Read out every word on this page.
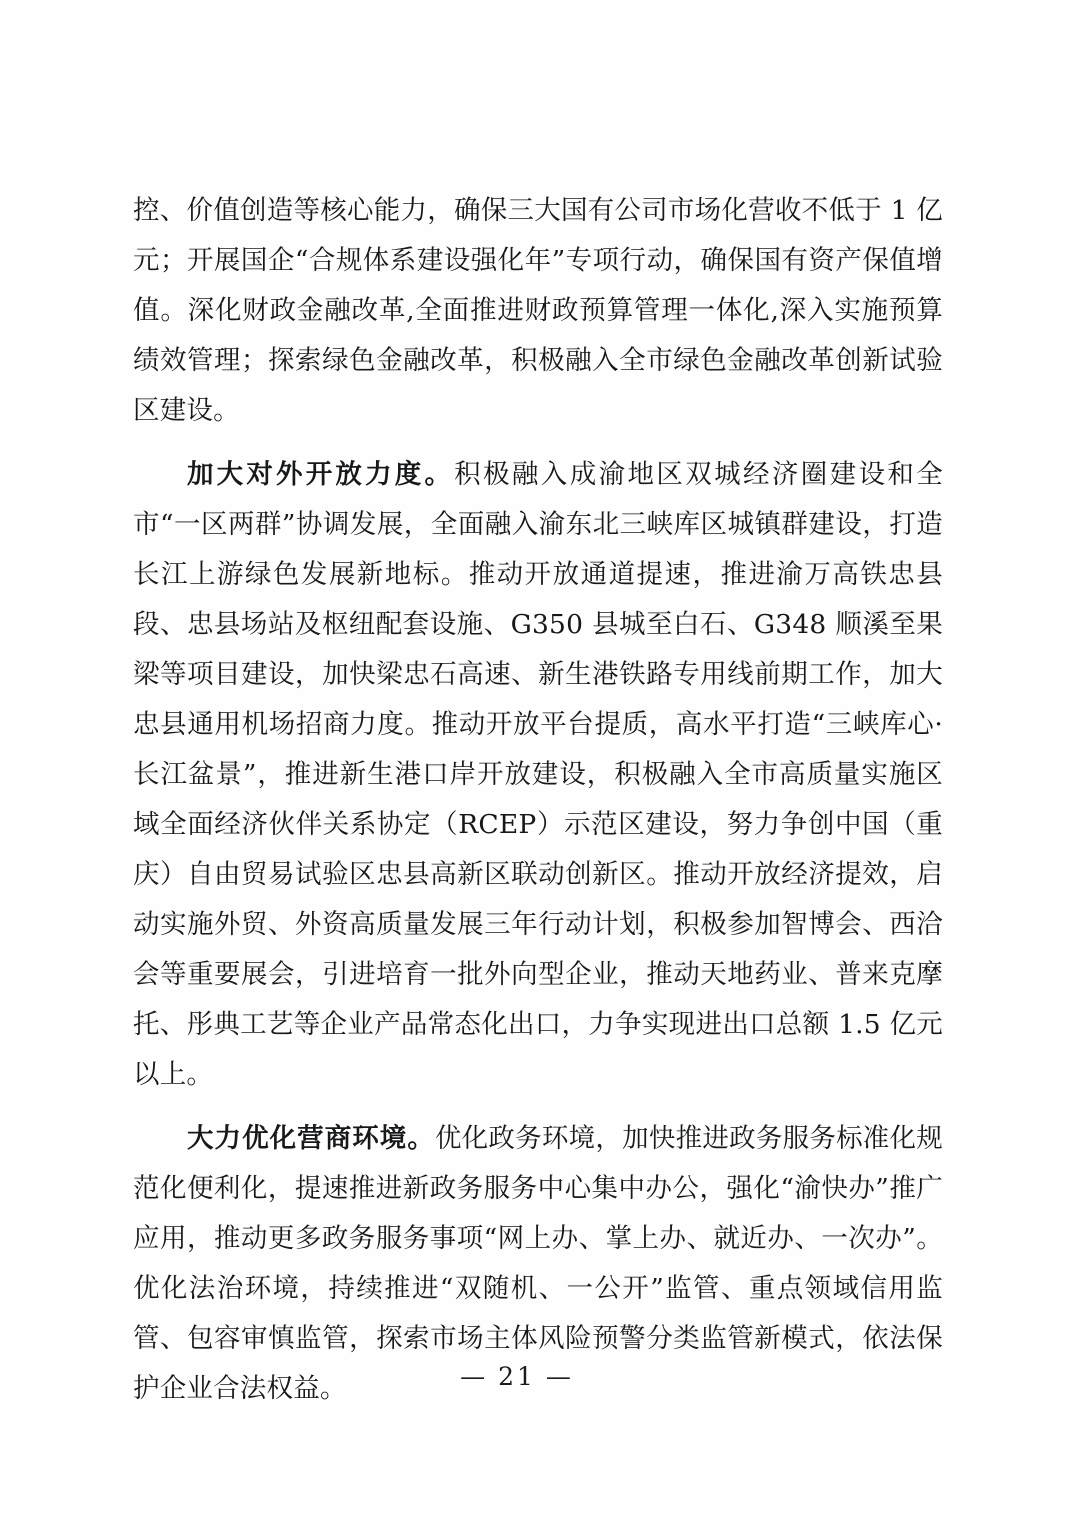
控、价值创造等核心能力，确保三大国有公司市场化营收不低于 1 亿元；开展国企“合规体系建设强化年”专项行动，确保国有资产保值增值。深化财政金融改革,全面推进财政预算管理一体化,深入实施预算绩效管理；探索绿色金融改革，积极融入全市绿色金融改革创新试验区建设。

加大对外开放力度。积极融入成渝地区双城经济圈建设和全市“一区两群”协调发展，全面融入渝东北三峡库区城镇群建设，打造长江上游绿色发展新地标。推动开放通道提速，推进渝万高铁忠县段、忠县场站及枢纽配套设施、G350 县城至白石、G348 顺溪至果梁等项目建设，加快梁忠石高速、新生港铁路专用线前期工作，加大忠县通用机场招商力度。推动开放平台提质，高水平打造“三峡库心·长江盆景”，推进新生港口岸开放建设，积极融入全市高质量实施区域全面经济伙伴关系协定（RCEP）示范区建设，努力争创中国（重庆）自由贸易试验区忠县高新区联动创新区。推动开放经济提效，启动实施外贸、外资高质量发展三年行动计划，积极参加智博会、西洽会等重要展会，引进培育一批外向型企业，推动天地药业、普来克摩托、彤典工艺等企业产品常态化出口，力争实现进出口总额 1.5 亿元以上。

大力优化营商环境。优化政务环境，加快推进政务服务标准化规范化便利化，提速推进新政务服务中心集中办公，强化“渝快办”推广应用，推动更多政务服务事项“网上办、掌上办、就近办、一次办”。优化法治环境，持续推进“双随机、一公开”监管、重点领域信用监管、包容审慎监管，探索市场主体风险预警分类监管新模式，依法保护企业合法权益。	— 21 —
